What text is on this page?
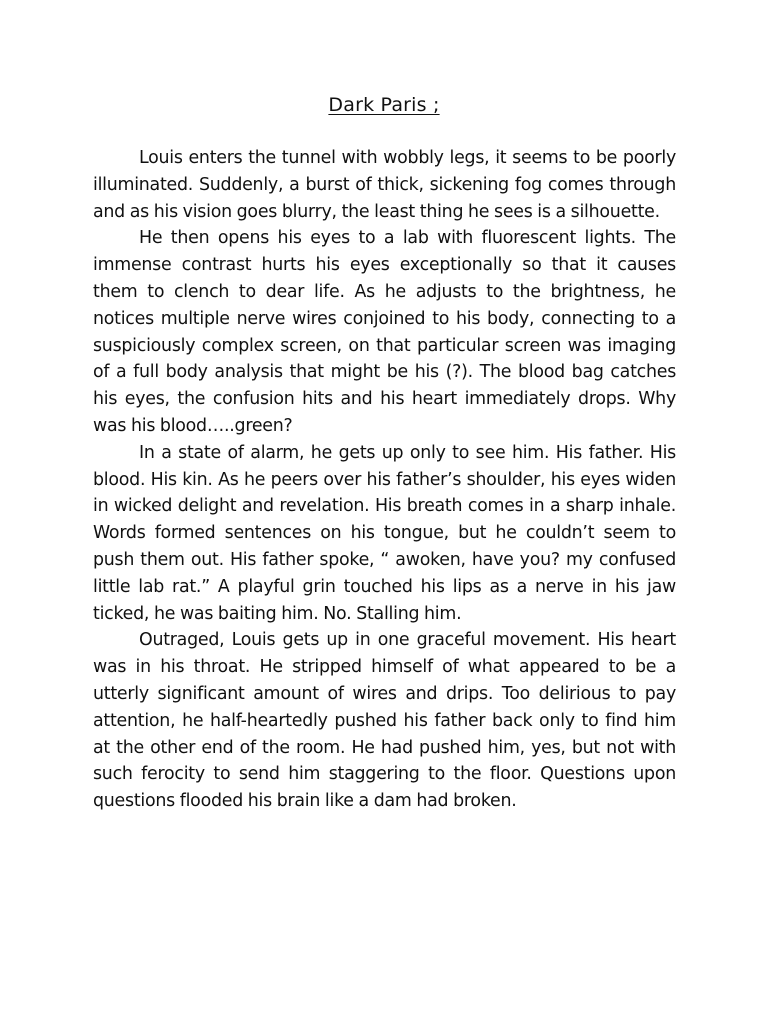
Dark Paris ;

Louis enters the tunnel with wobbly legs, it seems to be poorly illuminated. Suddenly, a burst of thick, sickening fog comes through and as his vision goes blurry, the least thing he sees is a silhouette.

He then opens his eyes to a lab with fluorescent lights. The immense contrast hurts his eyes exceptionally so that it causes them to clench to dear life. As he adjusts to the brightness, he notices multiple nerve wires conjoined to his body, connecting to a suspiciously complex screen, on that particular screen was imaging of a full body analysis that might be his (?). The blood bag catches his eyes, the confusion hits and his heart immediately drops. Why was his blood…..green?

In a state of alarm, he gets up only to see him. His father. His blood. His kin. As he peers over his father’s shoulder, his eyes widen in wicked delight and revelation. His breath comes in a sharp inhale. Words formed sentences on his tongue, but he couldn’t seem to push them out. His father spoke, “ awoken, have you? my confused little lab rat.” A playful grin touched his lips as a nerve in his jaw ticked, he was baiting him. No. Stalling him.

Outraged, Louis gets up in one graceful movement. His heart was in his throat. He stripped himself of what appeared to be a utterly significant amount of wires and drips. Too delirious to pay attention, he half-heartedly pushed his father back only to find him at the other end of the room. He had pushed him, yes, but not with such ferocity to send him staggering to the floor. Questions upon questions flooded his brain like a dam had broken.
